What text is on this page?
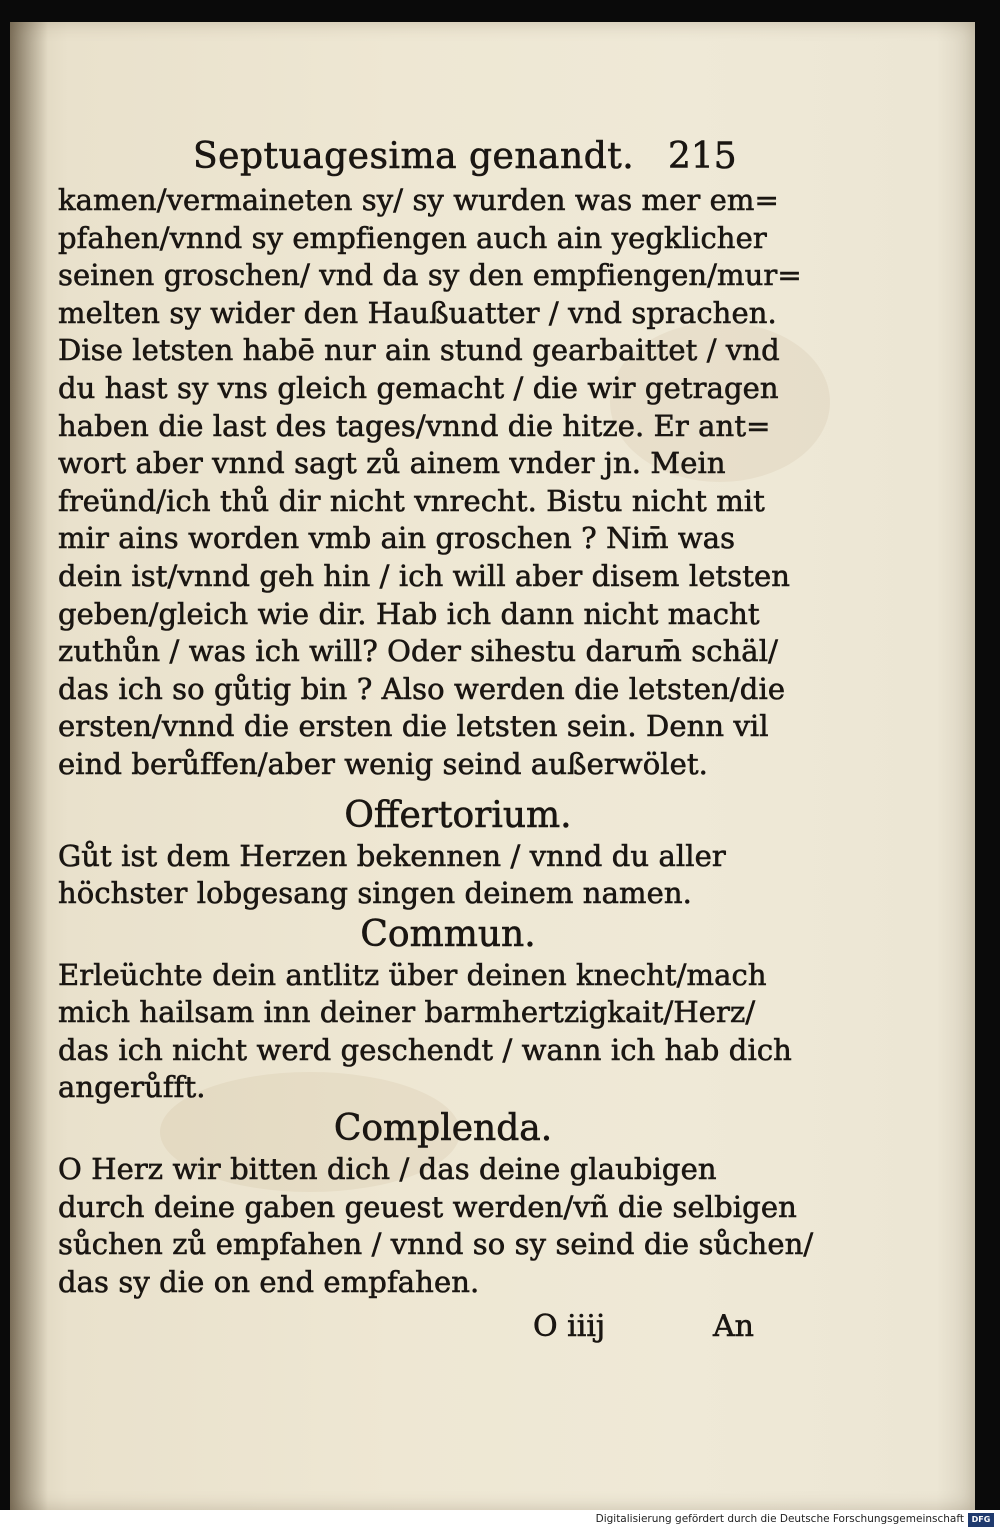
Septuagesima genandt. 215
kamen/vermaineten sy/ sy wurden was mer em=
pfahen/vnnd sy empfiengen auch ain yegklicher
seinen groschen/ vnd da sy den empfiengen/mur=
melten sy wider den Haußuatter / vnd sprachen.
Dise letsten habē nur ain stund gearbaittet / vnd
du hast sy vns gleich gemacht / die wir getragen
haben die last des tages/vnnd die hitze. Er ant=
wort aber vnnd sagt zů ainem vnder jn. Mein
freünd/ich thů dir nicht vnrecht. Bistu nicht mit
mir ains worden vmb ain groschen ? Nim̄ was
dein ist/vnnd geh hin / ich will aber disem letsten
geben/gleich wie dir. Hab ich dann nicht macht
zuthůn / was ich will? Oder sihestu darum̄ schäl/
das ich so gůtig bin ? Also werden die letsten/die
ersten/vnnd die ersten die letsten sein. Denn vil
eind berůffen/aber wenig seind außerwölet.
Offertorium.
Gůt ist dem Herzen bekennen / vnnd du aller
höchster lobgesang singen deinem namen.
Commun.
Erleüchte dein antlitz über deinen knecht/mach
mich hailsam inn deiner barmhertzigkait/Herz/
das ich nicht werd geschendt / wann ich hab dich
angerůfft.
Complenda.
O Herz wir bitten dich / das deine glaubigen
durch deine gaben geuest werden/vñ die selbigen
sůchen zů empfahen / vnnd so sy seind die sůchen/
das sy die on end empfahen.
O iiij	An
Digitalisierung gefördert durch die Deutsche Forschungsgemeinschaft DFG
